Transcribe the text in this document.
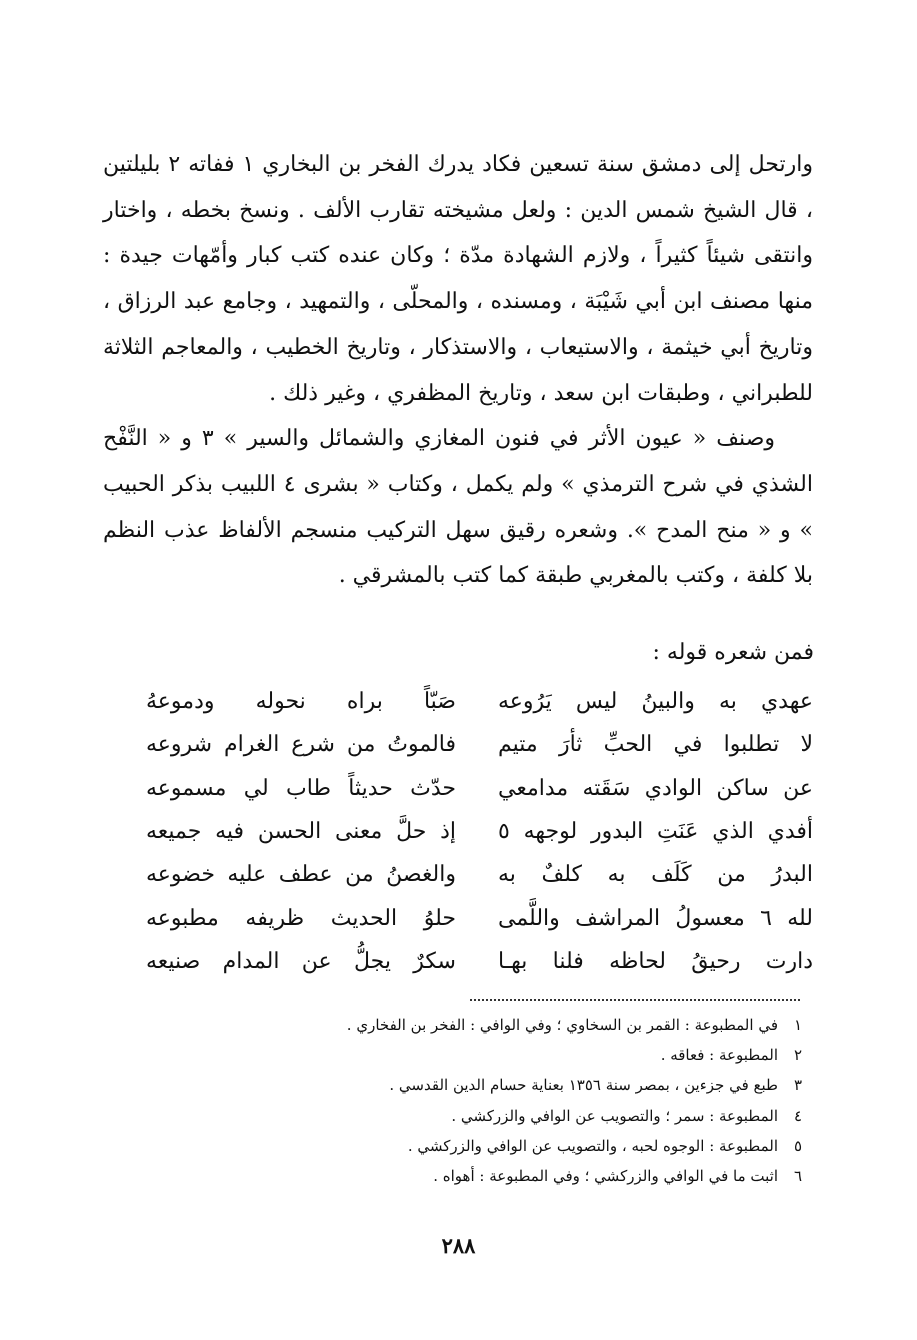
وارتحل إلى دمشق سنة تسعين فكاد يدرك الفخر بن البخاري ١ ففاته ٢ بليلتين ، قال الشيخ شمس الدين : ولعل مشيخته تقارب الألف . ونسخ بخطه ، واختار وانتقى شيئاً كثيراً ، ولازم الشهادة مدّة ؛ وكان عنده كتب كبار وأمّهات جيدة : منها مصنف ابن أبي شَيْبَة ، ومسنده ، والمحلّى ، والتمهيد ، وجامع عبد الرزاق ، وتاريخ أبي خيثمة ، والاستيعاب ، والاستذكار ، وتاريخ الخطيب ، والمعاجم الثلاثة للطبراني ، وطبقات ابن سعد ، وتاريخ المظفري ، وغير ذلك .

وصنف « عيون الأثر في فنون المغازي والشمائل والسير » ٣ و « النَّفْح الشذي في شرح الترمذي » ولم يكمل ، وكتاب « بشرى ٤ اللبيب بذكر الحبيب » و « منح المدح ». وشعره رقيق سهل التركيب منسجم الألفاظ عذب النظم بلا كلفة ، وكتب بالمغربي طبقة كما كتب بالمشرقي .

فمن شعره قوله :
عهدي به والبينُ ليس يَرُوعه
صَبّاً براه نحوله ودموعهُ
لا تطلبوا في الحبِّ ثأرَ متيم
فالموتُ من شرع الغرام شروعه
عن ساكن الوادي سَقَته مدامعي
حدّث حديثاً طاب لي مسموعه
أفدي الذي عَنَتِ البدور لوجهه ٥
إذ حلَّ معنى الحسن فيه جميعه
البدرُ من كَلَف به كلفٌ به
والغصنُ من عطف عليه خضوعه
لله ٦ معسولُ المراشف واللَّمى
حلوُ الحديث ظريفه مطبوعه
دارت رحيقُ لحاظه فلنا بهـا
سكرٌ يجلُّ عن المدام صنيعه
١
في المطبوعة : القمر بن السخاوي ؛ وفي الوافي : الفخر بن الفخاري .
٢
المطبوعة : فعاقه .
٣
طبع في جزءين ، بمصر سنة ١٣٥٦ بعناية حسام الدين القدسي .
٤
المطبوعة : سمر ؛ والتصويب عن الوافي والزركشي .
٥
المطبوعة : الوجوه لحبه ، والتصويب عن الوافي والزركشي .
٦
اثبت ما في الوافي والزركشي ؛ وفي المطبوعة : أهواه .
٢٨٨
